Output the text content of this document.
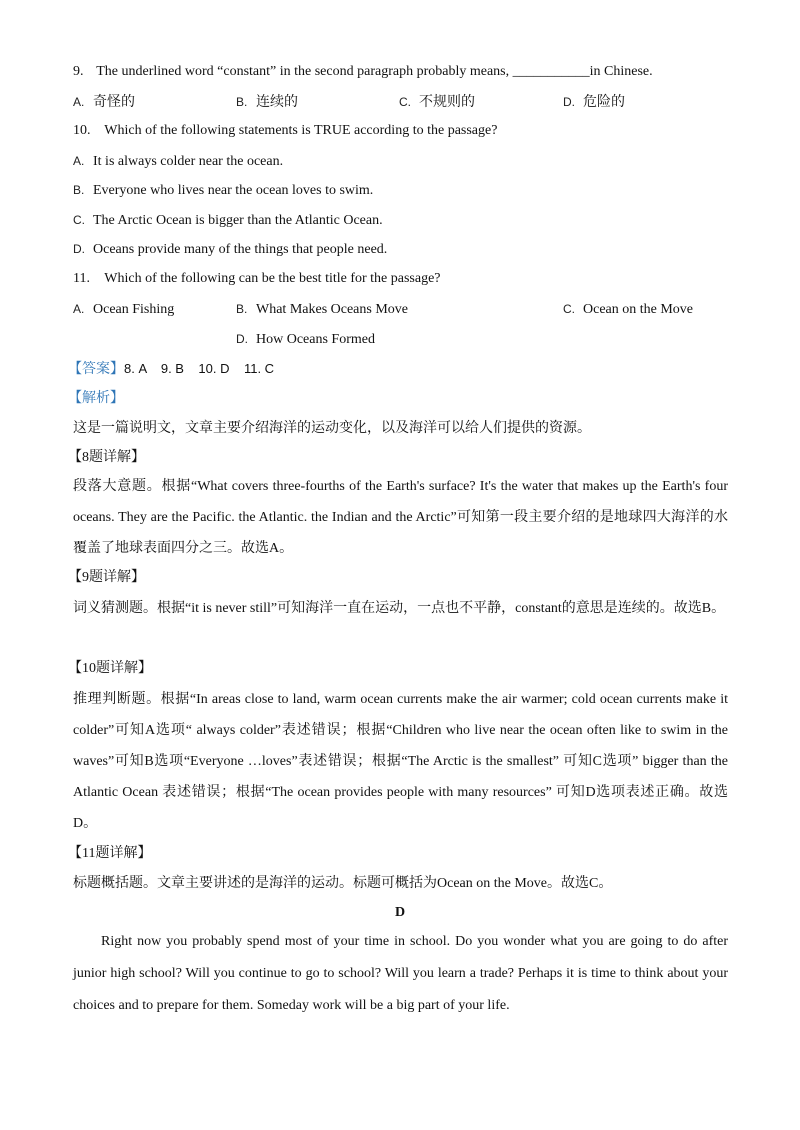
9. The underlined word “constant” in the second paragraph probably means, ___________in Chinese.
A. 奇怪的	B. 连续的	C. 不规则的	D. 危险的
10. Which of the following statements is TRUE according to the passage?
A. It is always colder near the ocean.
B. Everyone who lives near the ocean loves to swim.
C. The Arctic Ocean is bigger than the Atlantic Ocean.
D. Oceans provide many of the things that people need.
11. Which of the following can be the best title for the passage?
A. Ocean Fishing	B. What Makes Oceans Move	C. Ocean on the Move
D. How Oceans Formed
【答案】8. A    9. B    10. D    11. C
【解析】
这是一篇说明文，文章主要介绍海洋的运动变化，以及海洋可以给人们提供的资源。
【8题详解】
段落大意题。根据“What covers three-fourths of the Earth's surface? It's the water that makes up the Earth's four oceans. They are the Pacific. the Atlantic. the Indian and the Arctic”可知第一段主要介绍的是地球四大海洋的水覆盖了地球表面四分之三。故选A。
【9题详解】
词义猜测题。根据“it is never still”可知海洋一直在运动，一点也不平静，constant的意思是连续的。故选B。
【10题详解】
推理判断题。根据“In areas close to land, warm ocean currents make the air warmer; cold ocean currents make it colder”可知A选项“ always colder”表述错误；根据“Children who live near the ocean often like to swim in the waves”可知B选项“Everyone …loves”表述错误；根据“The Arctic is the smallest” 可知C选项” bigger than the Atlantic Ocean 表述错误；根据“The ocean provides people with many resources” 可知D选项表述正确。故选D。
【11题详解】
标题概括题。文章主要讲述的是海洋的运动。标题可概括为Ocean on the Move。故选C。
D
Right now you probably spend most of your time in school. Do you wonder what you are going to do after junior high school? Will you continue to go to school? Will you learn a trade? Perhaps it is time to think about your choices and to prepare for them. Someday work will be a big part of your life.
